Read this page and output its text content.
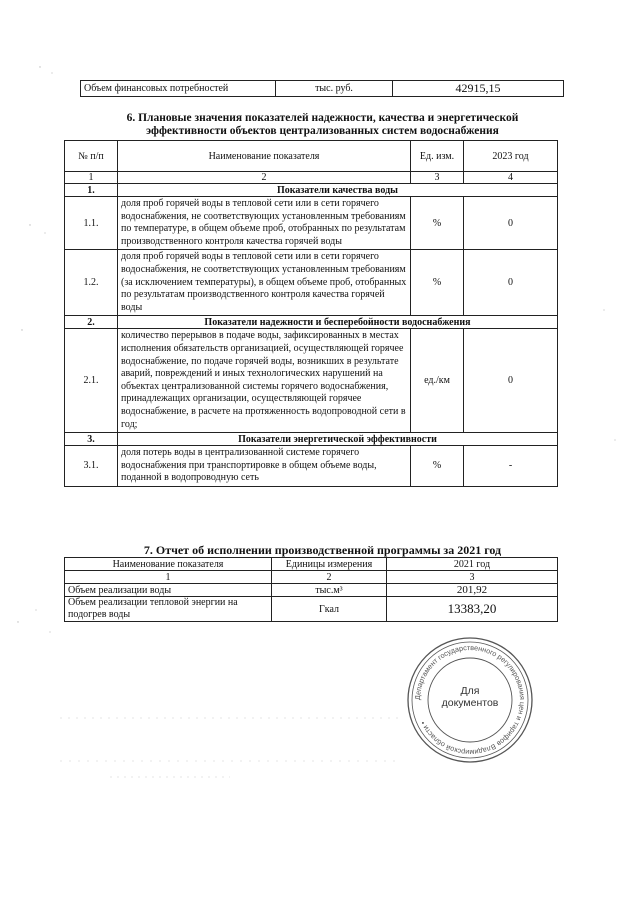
Объем финансовых потребностей	тыс. руб.	42915,15
6. Плановые значения показателей надежности, качества и энергетической
эффективности объектов централизованных систем водоснабжения
№ п/п	Наименование показателя	Ед. изм.	2023 год
1	2	3	4
1.	Показатели качества воды		
1.1.	доля проб горячей воды в тепловой сети или в сети горячего водоснабжения, не соответствующих установленным требованиям по температуре, в общем объеме проб, отобранных по результатам производственного контроля качества горячей воды	%	0
1.2.	доля проб горячей воды в тепловой сети или в сети горячего водоснабжения, не соответствующих установленным требованиям (за исключением температуры), в общем объеме проб, отобранных по результатам производственного контроля качества горячей воды	%	0
2.	Показатели надежности и бесперебойности водоснабжения		
2.1.	количество перерывов в подаче воды, зафиксированных в местах исполнения обязательств организацией, осуществляющей горячее водоснабжение, по подаче горячей воды, возникших в результате аварий, повреждений и иных технологических нарушений на объектах централизованной системы горячего водоснабжения, принадлежащих организации, осуществляющей горячее водоснабжение, в расчете на протяженность водопроводной сети в год;	ед./км	0
3.	Показатели энергетической эффективности		
3.1.	доля потерь воды в централизованной системе горячего водоснабжения при транспортировке в общем объеме воды, поданной в водопроводную сеть	%	-
7. Отчет об исполнении производственной программы за 2021 год
Наименование показателя	Единицы измерения	2021 год
1	2	3
Объем реализации воды	тыс.м³	201,92
Объем реализации тепловой энергии на подогрев воды	Гкал	13383,20
Департамент государственного регулирования цен и тарифов Владимирской области •
Для
документов
